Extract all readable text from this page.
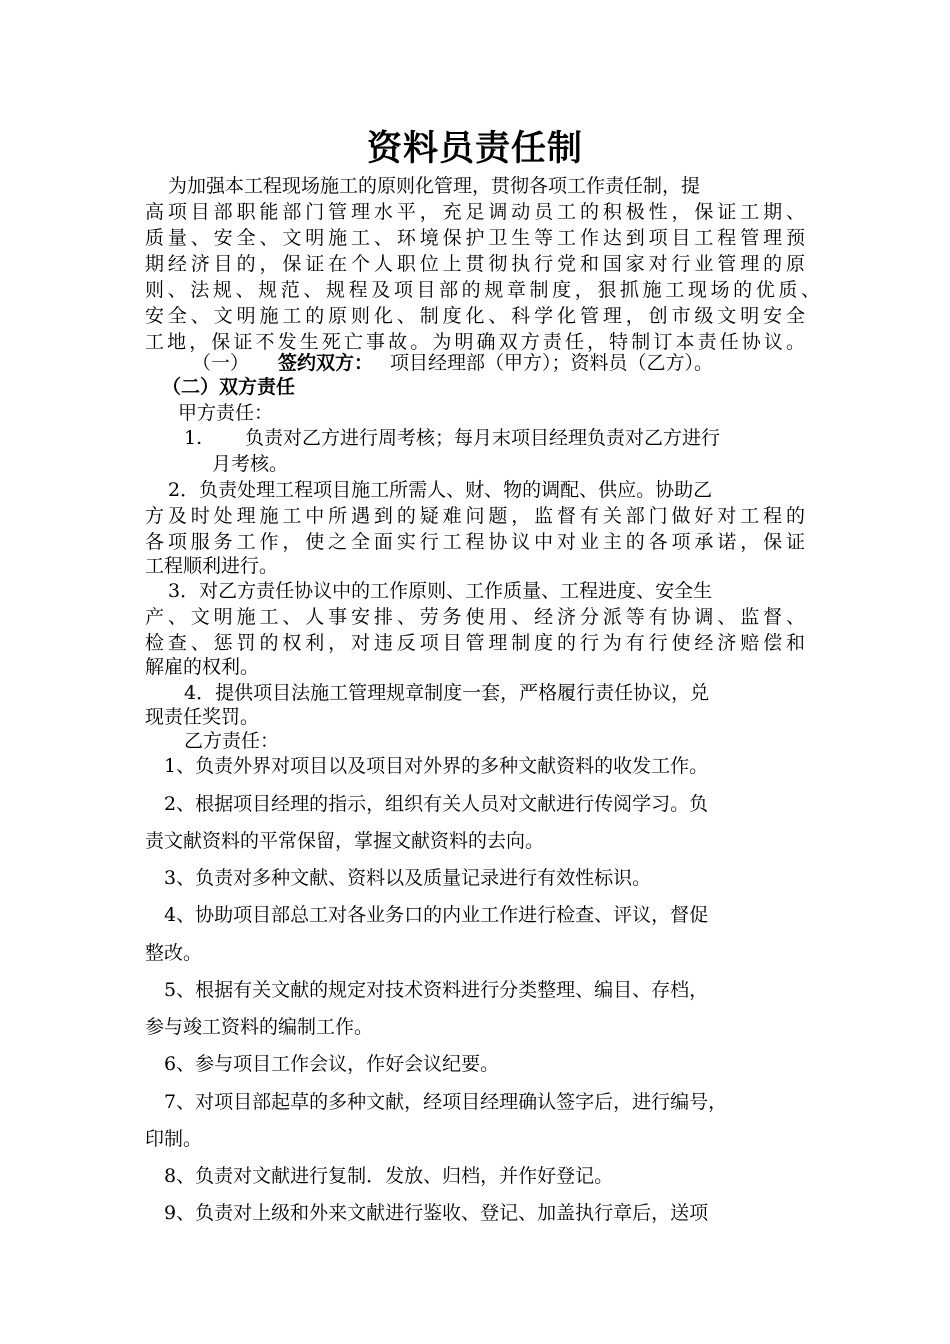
资料员责任制
为加强本工程现场施工的原则化管理，贯彻各项工作责任制，提
高项目部职能部门管理水平，充足调动员工的积极性，保证工期、
质量、安全、文明施工、环境保护卫生等工作达到项目工程管理预
期经济目的，保证在个人职位上贯彻执行党和国家对行业管理的原
则、法规、规范、规程及项目部的规章制度，狠抓施工现场的优质、
安全、文明施工的原则化、制度化、科学化管理，创市级文明安全
工地，保证不发生死亡事故。为明确双方责任，特制订本责任协议。
（一） 签约双方： 项目经理部（甲方）；资料员（乙方）。
（二）双方责任
甲方责任：
1. 负责对乙方进行周考核；每月末项目经理负责对乙方进行
月考核。
2．负责处理工程项目施工所需人、财、物的调配、供应。协助乙
方及时处理施工中所遇到的疑难问题，监督有关部门做好对工程的
各项服务工作，使之全面实行工程协议中对业主的各项承诺，保证
工程顺利进行。
3．对乙方责任协议中的工作原则、工作质量、工程进度、安全生
产、文明施工、人事安排、劳务使用、经济分派等有协调、监督、
检查、惩罚的权利，对违反项目管理制度的行为有行使经济赔偿和
解雇的权利。
4．提供项目法施工管理规章制度一套，严格履行责任协议，兑
现责任奖罚。
乙方责任：
1、负责外界对项目以及项目对外界的多种文献资料的收发工作。
2、根据项目经理的指示，组织有关人员对文献进行传阅学习。负
责文献资料的平常保留，掌握文献资料的去向。
3、负责对多种文献、资料以及质量记录进行有效性标识。
4、协助项目部总工对各业务口的内业工作进行检查、评议，督促
整改。
5、根据有关文献的规定对技术资料进行分类整理、编目、存档，
参与竣工资料的编制工作。
6、参与项目工作会议，作好会议纪要。
7、对项目部起草的多种文献，经项目经理确认签字后，进行编号，
印制。
8、负责对文献进行复制．发放、归档，并作好登记。
9、负责对上级和外来文献进行鉴收、登记、加盖执行章后，送项
